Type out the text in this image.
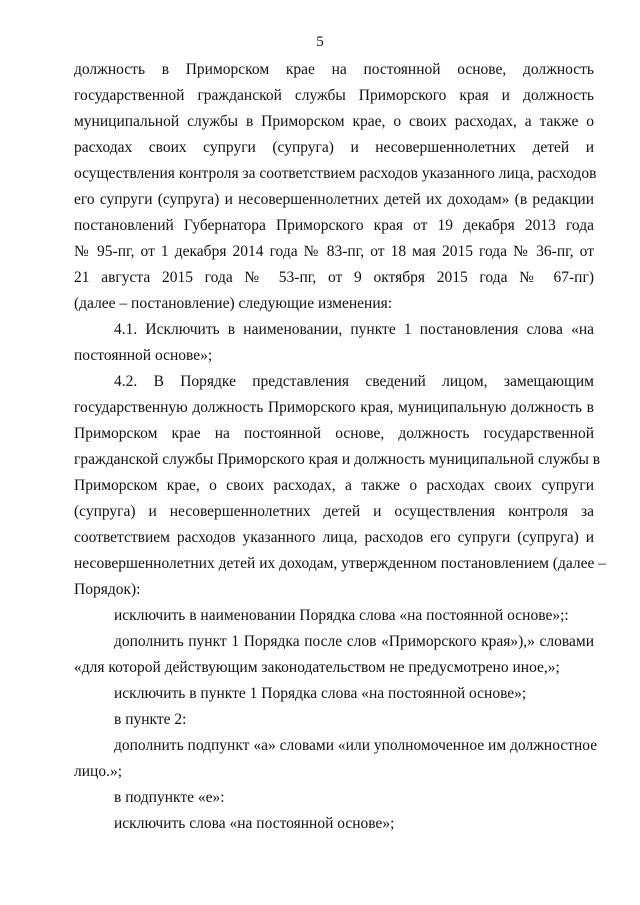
5
должность в Приморском крае на постоянной основе, должность
государственной гражданской службы Приморского края и должность
муниципальной службы в Приморском крае, о своих расходах, а также о
расходах своих супруги (супруга) и несовершеннолетних детей и
осуществления контроля за соответствием расходов указанного лица, расходов
его супруги (супруга) и несовершеннолетних детей их доходам» (в редакции
постановлений Губернатора Приморского края от 19 декабря 2013 года
№ 95-пг, от 1 декабря 2014 года № 83-пг, от 18 мая 2015 года № 36-пг, от
21 августа 2015 года № 53-пг, от 9 октября 2015 года № 67-пг)
(далее – постановление) следующие изменения:
4.1. Исключить в наименовании, пункте 1 постановления слова «на
постоянной основе»;
4.2. В Порядке представления сведений лицом, замещающим
государственную должность Приморского края, муниципальную должность в
Приморском крае на постоянной основе, должность государственной
гражданской службы Приморского края и должность муниципальной службы в
Приморском крае, о своих расходах, а также о расходах своих супруги
(супруга) и несовершеннолетних детей и осуществления контроля за
соответствием расходов указанного лица, расходов его супруги (супруга) и
несовершеннолетних детей их доходам, утвержденном постановлением (далее –
Порядок):
исключить в наименовании Порядка слова «на постоянной основе»;:
дополнить пункт 1 Порядка после слов «Приморского края»),» словами
«для которой действующим законодательством не предусмотрено иное,»;
исключить в пункте 1 Порядка слова «на постоянной основе»;
в пункте 2:
дополнить подпункт «а» словами «или уполномоченное им должностное
лицо.»;
в подпункте «е»:
исключить слова «на постоянной основе»;
